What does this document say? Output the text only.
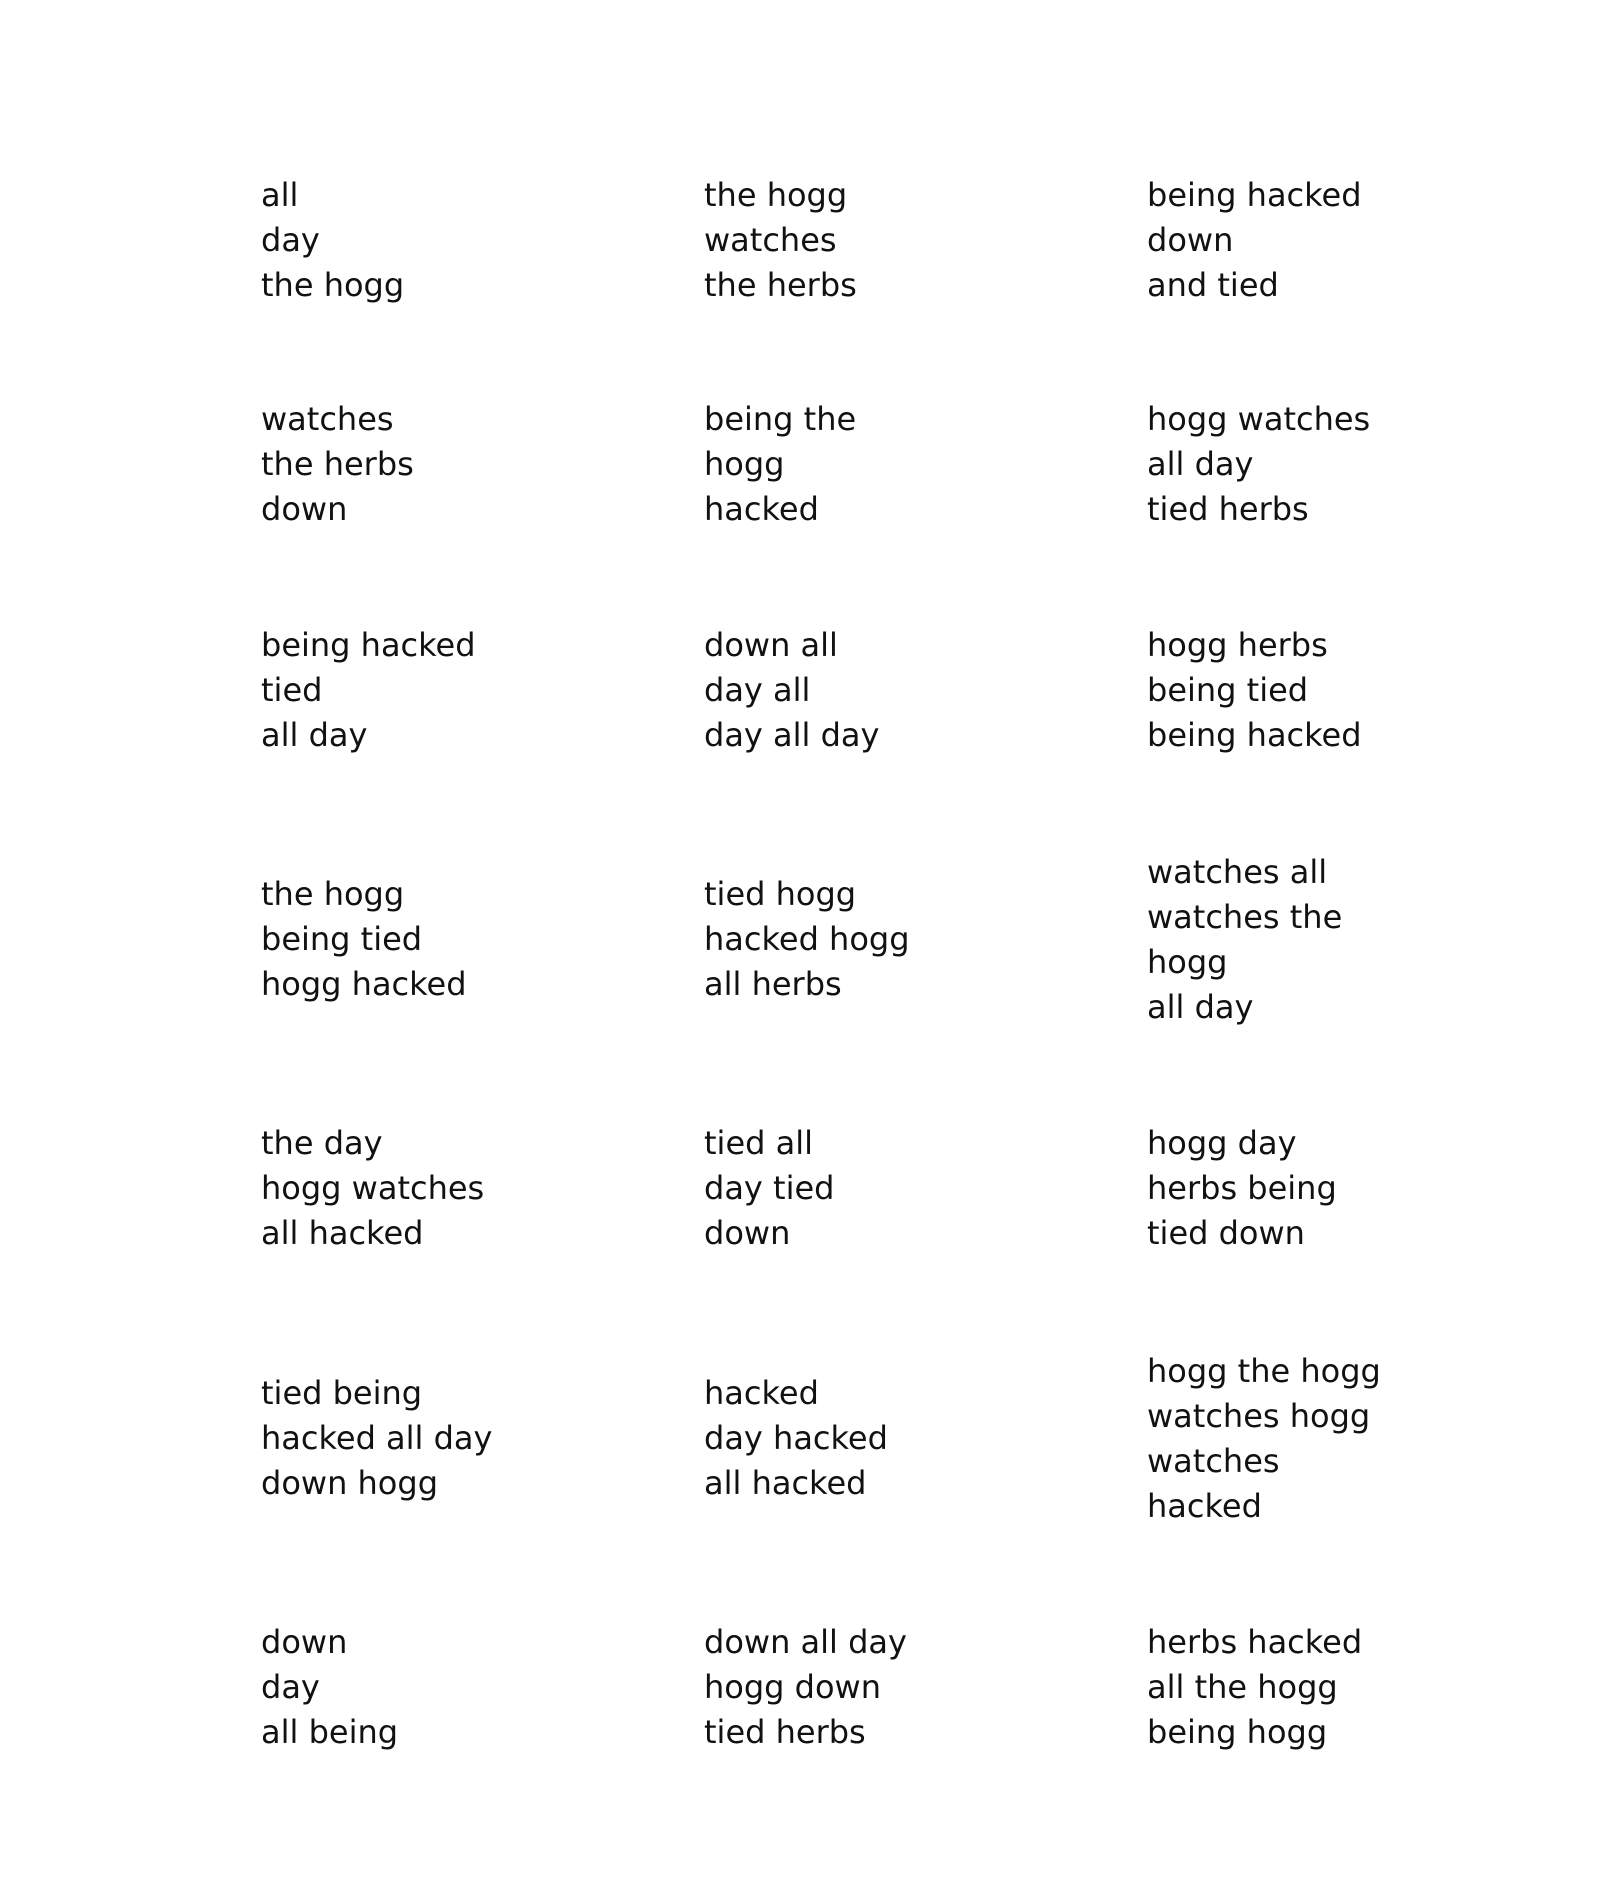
all
day
the hogg
the hogg
watches
the herbs
being hacked
down
and tied
watches
the herbs
down
being the
hogg
hacked
hogg watches
all day
tied herbs
being hacked
tied
all day
down all
day all
day all day
hogg herbs
being tied
being hacked
the hogg
being tied
hogg hacked
tied hogg
hacked hogg
all herbs
watches all
watches the
hogg
all day
the day
hogg watches
all hacked
tied all
day tied
down
hogg day
herbs being
tied down
tied being
hacked all day
down hogg
hacked
day hacked
all hacked
hogg the hogg
watches hogg
watches
hacked
down
day
all being
down all day
hogg down
tied herbs
herbs hacked
all the hogg
being hogg
